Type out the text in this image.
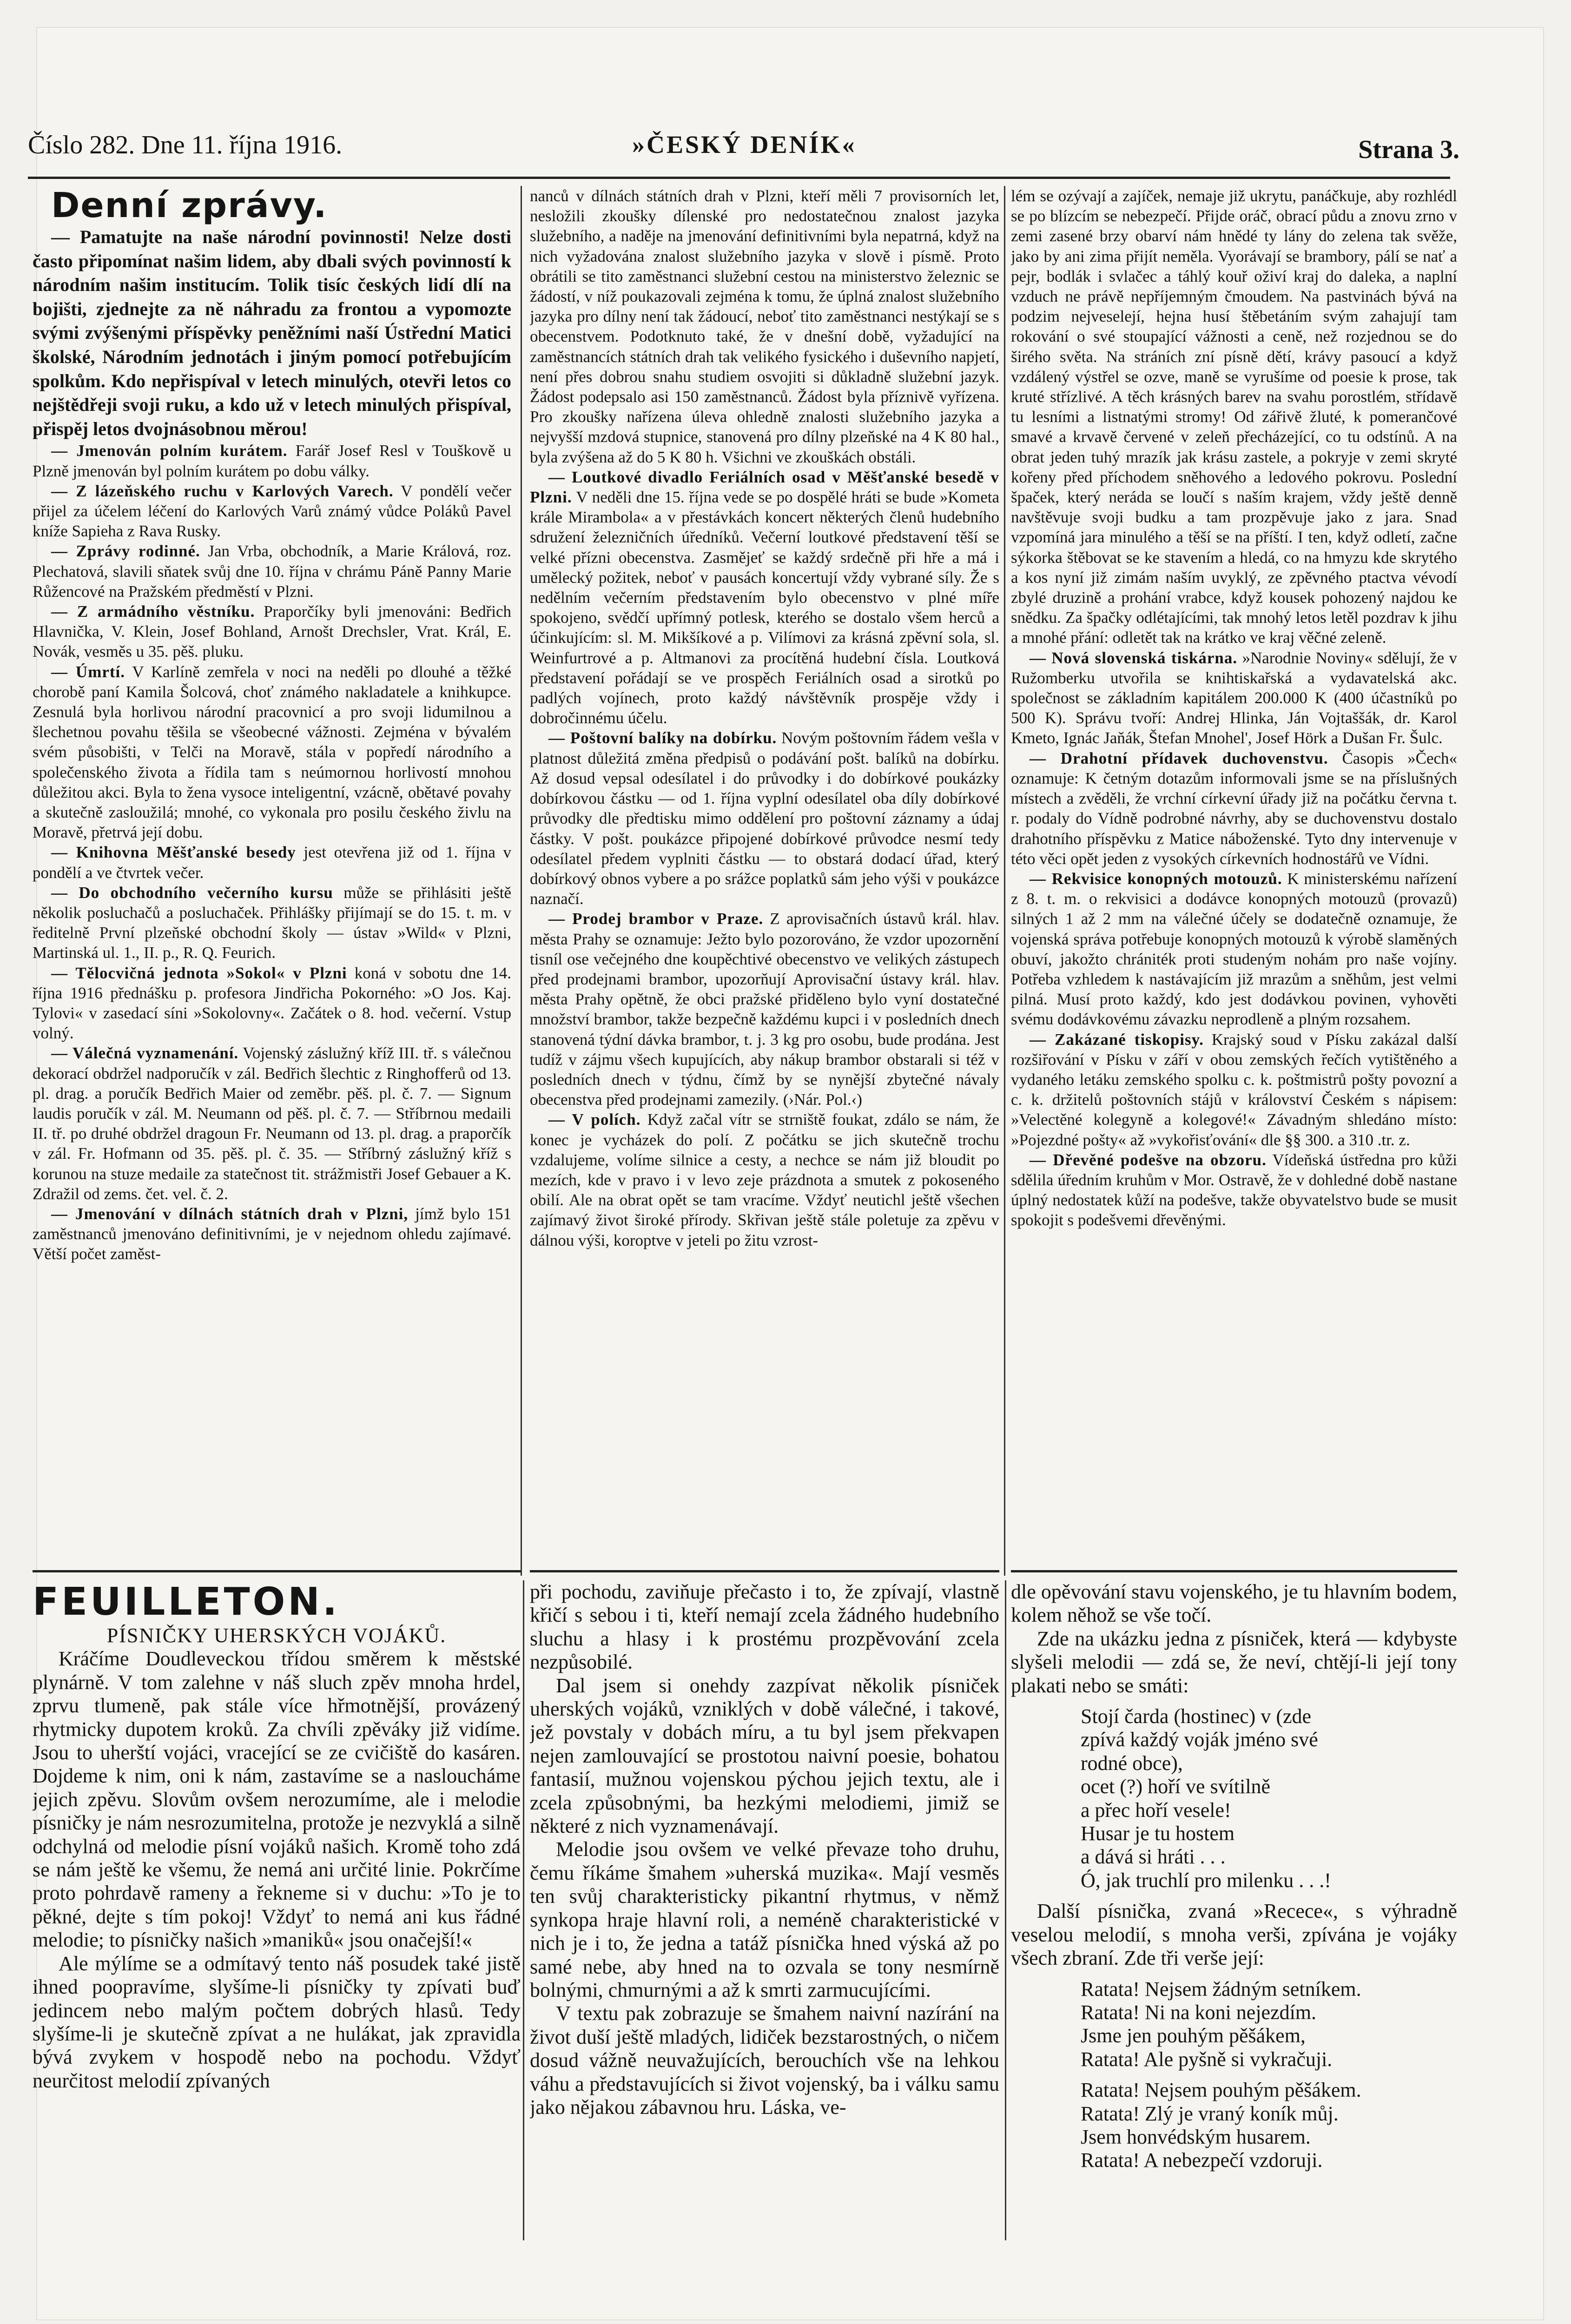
Číslo 282. Dne 11. října 1916.	»ČESKÝ DENÍK«	Strana 3.

Denní zprávy.

— Pamatujte na naše národní povinnosti! Nelze dosti často připomínat našim lidem, aby dbali svých povinností k národním našim institucím. Tolik tisíc českých lidí dlí na bojišti, zjednejte za ně náhradu za frontou a vypomozte svými zvýšenými příspěvky peněžními naší Ústřední Matici školské, Národním jednotách i jiným pomocí potřebujícím spolkům. Kdo nepřispíval v letech minulých, otevři letos co nejštědřeji svoji ruku, a kdo už v letech minulých přispíval, přispěj letos dvojnásobnou měrou!

— Jmenován polním kurátem. Farář Josef Resl v Touškově u Plzně jmenován byl polním kurátem po dobu války.

— Z lázeňského ruchu v Karlových Varech. V pondělí večer přijel za účelem léčení do Karlových Varů známý vůdce Poláků Pavel kníže Sapieha z Rava Rusky.

— Zprávy rodinné. Jan Vrba, obchodník, a Marie Králová, roz. Plechatová, slavili sňatek svůj dne 10. října v chrámu Páně Panny Marie Růžencové na Pražském předměstí v Plzni.

— Z armádního věstníku. Praporčíky byli jmenováni: Bedřich Hlavnička, V. Klein, Josef Bohland, Arnošt Drechsler, Vrat. Král, E. Novák, vesměs u 35. pěš. pluku.

— Úmrtí. V Karlíně zemřela v noci na neděli po dlouhé a těžké chorobě paní Kamila Šolcová, choť známého nakladatele a knihkupce. Zesnulá byla horlivou národní pracovnicí a pro svoji lidumilnou a šlechetnou povahu těšila se všeobecné vážnosti. Zejména v bývalém svém působišti, v Telči na Moravě, stála v popředí národního a společenského života a řídila tam s neúmornou horlivostí mnohou důležitou akci. Byla to žena vysoce inteligentní, vzácně, obětavé povahy a skutečně zasloužilá; mnohé, co vykonala pro posilu českého živlu na Moravě, přetrvá její dobu.

— Knihovna Měšťanské besedy jest otevřena již od 1. října v pondělí a ve čtvrtek večer.

— Do obchodního večerního kursu může se přihlásiti ještě několik posluchačů a posluchaček. Přihlášky přijímají se do 15. t. m. v ředitelně První plzeňské obchodní školy — ústav »Wild« v Plzni, Martinská ul. 1., II. p., R. Q. Feurich.

— Tělocvičná jednota »Sokol« v Plzni koná v sobotu dne 14. října 1916 přednášku p. profesora Jindřicha Pokorného: »O Jos. Kaj. Tylovi« v zasedací síni »Sokolovny«. Začátek o 8. hod. večerní. Vstup volný.

— Válečná vyznamenání. Vojenský záslužný kříž III. tř. s válečnou dekorací obdržel nadporučík v zál. Bedřich šlechtic z Ringhofferů od 13. pl. drag. a poručík Bedřich Maier od zeměbr. pěš. pl. č. 7. — Signum laudis poručík v zál. M. Neumann od pěš. pl. č. 7. — Stříbrnou medaili II. tř. po druhé obdržel dragoun Fr. Neumann od 13. pl. drag. a praporčík v zál. Fr. Hofmann od 35. pěš. pl. č. 35. — Stříbrný záslužný kříž s korunou na stuze medaile za statečnost tit. strážmistři Josef Gebauer a K. Zdražil od zems. čet. vel. č. 2.

— Jmenování v dílnách státních drah v Plzni, jímž bylo 151 zaměstnanců jmenováno definitivními, je v nejednom ohledu zajímavé. Větší počet zaměst-

nanců v dílnách státních drah v Plzni, kteří měli 7 provisorních let, nesložili zkoušky dílenské pro nedostatečnou znalost jazyka služebního, a naděje na jmenování definitivními byla nepatrná, když na nich vyžadována znalost služebního jazyka v slově i písmě. Proto obrátili se tito zaměstnanci služební cestou na ministerstvo železnic se žádostí, v níž poukazovali zejména k tomu, že úplná znalost služebního jazyka pro dílny není tak žádoucí, neboť tito zaměstnanci nestýkají se s obecenstvem. Podotknuto také, že v dnešní době, vyžadující na zaměstnancích státních drah tak velikého fysického i duševního napjetí, není přes dobrou snahu studiem osvojiti si důkladně služební jazyk. Žádost podepsalo asi 150 zaměstnanců. Žádost byla příznivě vyřízena. Pro zkoušky nařízena úleva ohledně znalosti služebního jazyka a nejvyšší mzdová stupnice, stanovená pro dílny plzeňské na 4 K 80 hal., byla zvýšena až do 5 K 80 h. Všichni ve zkouškách obstáli.

— Loutkové divadlo Feriálních osad v Měšťanské besedě v Plzni. V neděli dne 15. října vede se po dospělé hráti se bude »Kometa krále Mirambola« a v přestávkách koncert některých členů hudebního sdružení železničních úředníků. Večerní loutkové představení těší se velké přízni obecenstva. Zasmějeť se každý srdečně při hře a má i umělecký požitek, neboť v pausách koncertují vždy vybrané síly. Že s nedělním večerním představením bylo obecenstvo v plné míře spokojeno, svědčí upřímný potlesk, kterého se dostalo všem herců a účinkujícím: sl. M. Mikšíkové a p. Vilímovi za krásná zpěvní sola, sl. Weinfurtrové a p. Altmanovi za procítěná hudební čísla. Loutková představení pořádají se ve prospěch Feriálních osad a sirotků po padlých vojínech, proto každý návštěvník prospěje vždy i dobročinnému účelu.

— Poštovní balíky na dobírku. Novým poštovním řádem vešla v platnost důležitá změna předpisů o podávání pošt. balíků na dobírku. Až dosud vepsal odesílatel i do průvodky i do dobírkové poukázky dobírkovou částku — od 1. října vyplní odesílatel oba díly dobírkové průvodky dle předtisku mimo oddělení pro poštovní záznamy a údaj částky. V pošt. poukázce připojené dobírkové průvodce nesmí tedy odesílatel předem vyplniti částku — to obstará dodací úřad, který dobírkový obnos vybere a po srážce poplatků sám jeho výši v poukázce naznačí.

— Prodej brambor v Praze. Z aprovisačních ústavů král. hlav. města Prahy se oznamuje: Ježto bylo pozorováno, že vzdor upozornění tisníl ose večejného dne koupěchtivé obecenstvo ve velikých zástupech před prodejnami brambor, upozorňují Aprovisační ústavy král. hlav. města Prahy opětně, že obci pražské přiděleno bylo vyní dostatečné množství brambor, takže bezpečně každému kupci i v posledních dnech stanovená týdní dávka brambor, t. j. 3 kg pro osobu, bude prodána. Jest tudíž v zájmu všech kupujících, aby nákup brambor obstarali si též v posledních dnech v týdnu, čímž by se nynější zbytečné návaly obecenstva před prodejnami zamezily. (›Nár. Pol.‹)

— V polích. Když začal vítr se strniště foukat, zdálo se nám, že konec je vycházek do polí. Z počátku se jich skutečně trochu vzdalujeme, volíme silnice a cesty, a nechce se nám již bloudit po mezích, kde v pravo i v levo zeje prázdnota a smutek z pokoseného obilí. Ale na obrat opět se tam vracíme. Vždyť neutichl ještě všechen zajímavý život široké přírody. Skřivan ještě stále poletuje za zpěvu v dálnou výši, koroptve v jeteli po žitu vzrost-

lém se ozývají a zajíček, nemaje již ukrytu, panáčkuje, aby rozhlédl se po blízcím se nebezpečí. Přijde oráč, obrací půdu a znovu zrno v zemi zasené brzy obarví nám hnědé ty lány do zelena tak svěže, jako by ani zima přijít neměla. Vyorávají se brambory, pálí se nať a pejr, bodlák i svlačec a táhlý kouř oživí kraj do daleka, a naplní vzduch ne právě nepříjemným čmoudem. Na pastvinách bývá na podzim nejveselejí, hejna husí štěbetáním svým zahajují tam rokování o své stoupající vážnosti a ceně, než rozjednou se do širého světa. Na stráních zní písně dětí, krávy pasoucí a když vzdálený výstřel se ozve, maně se vyrušíme od poesie k prose, tak kruté střízlivé. A těch krásných barev na svahu porostlém, střídavě tu lesními a listnatými stromy! Od zářivě žluté, k pomerančové smavé a krvavě červené v zeleň přecházející, co tu odstínů. A na obrat jeden tuhý mrazík jak krásu zastele, a pokryje v zemi skryté kořeny před příchodem sněhového a ledového pokrovu. Poslední špaček, který neráda se loučí s naším krajem, vždy ještě denně navštěvuje svoji budku a tam prozpěvuje jako z jara. Snad vzpomíná jara minulého a těší se na příští. I ten, když odletí, začne sýkorka štěbovat se ke stavením a hledá, co na hmyzu kde skrytého a kos nyní již zimám naším uvyklý, ze zpěvného ptactva vévodí zbylé druzině a prohání vrabce, když kousek pohozený najdou ke snědku. Za špačky odlétajícími, tak mnohý letos letěl pozdrav k jihu a mnohé přání: odletět tak na krátko ve kraj věčné zeleně.

— Nová slovenská tiskárna. »Narodnie Noviny« sdělují, že v Ružomberku utvořila se knihtiskařská a vydavatelská akc. společnost se základním kapitálem 200.000 K (400 účastníků po 500 K). Správu tvoří: Andrej Hlinka, Ján Vojtaššák, dr. Karol Kmeto, Ignác Jaňák, Štefan Mnohel', Josef Hörk a Dušan Fr. Šulc.

— Drahotní přídavek duchovenstvu. Časopis »Čech« oznamuje: K četným dotazům informovali jsme se na příslušných místech a zvěděli, že vrchní církevní úřady již na počátku června t. r. podaly do Vídně podrobné návrhy, aby se duchovenstvu dostalo drahotního příspěvku z Matice náboženské. Tyto dny intervenuje v této věci opět jeden z vysokých církevních hodnostářů ve Vídni.

— Rekvisice konopných motouzů. K ministerskému nařízení z 8. t. m. o rekvisici a dodávce konopných motouzů (provazů) silných 1 až 2 mm na válečné účely se dodatečně oznamuje, že vojenská správa potřebuje konopných motouzů k výrobě slaměných obuví, jakožto chrániték proti studeným nohám pro naše vojíny. Potřeba vzhledem k nastávajícím již mrazům a sněhům, jest velmi pilná. Musí proto každý, kdo jest dodávkou povinen, vyhověti svému dodávkovému závazku neprodleně a plným rozsahem.

— Zakázané tiskopisy. Krajský soud v Písku zakázal další rozšiřování v Písku v září v obou zemských řečích vytištěného a vydaného letáku zemského spolku c. k. poštmistrů pošty povozní a c. k. držitelů poštovních stájů v království Českém s nápisem: »Velectěné kolegyně a kolegové!« Závadným shledáno místo: »Pojezdné pošty« až »vykořisťování« dle §§ 300. a 310 .tr. z.

— Dřevěné podešve na obzoru. Vídeňská ústředna pro kůži sdělila úředním kruhům v Mor. Ostravě, že v dohledné době nastane úplný nedostatek kůží na podešve, takže obyvatelstvo bude se musit spokojit s podešvemi dřevěnými.

FEUILLETON.

PÍSNIČKY UHERSKÝCH VOJÁKŮ.

Kráčíme Doudleveckou třídou směrem k městské plynárně. V tom zalehne v náš sluch zpěv mnoha hrdel, zprvu tlumeně, pak stále více hřmotnější, provázený rhytmicky dupotem kroků. Za chvíli zpěváky již vidíme. Jsou to uherští vojáci, vracející se ze cvičiště do kasáren. Dojdeme k nim, oni k nám, zastavíme se a nasloucháme jejich zpěvu. Slovům ovšem nerozumíme, ale i melodie písničky je nám nesrozumitelna, protože je nezvyklá a silně odchylná od melodie písní vojáků našich. Kromě toho zdá se nám ještě ke všemu, že nemá ani určité linie. Pokrčíme proto pohrdavě rameny a řekneme si v duchu: »To je to pěkné, dejte s tím pokoj! Vždyť to nemá ani kus řádné melodie; to písničky našich »maniků« jsou onačejší!«

Ale mýlíme se a odmítavý tento náš posudek také jistě ihned poopravíme, slyšíme-li písničky ty zpívati buď jedincem nebo malým počtem dobrých hlasů. Tedy slyšíme-li je skutečně zpívat a ne hulákat, jak zpravidla bývá zvykem v hospodě nebo na pochodu. Vždyť neurčitost melodií zpívaných

při pochodu, zaviňuje přečasto i to, že zpívají, vlastně křičí s sebou i ti, kteří nemají zcela žádného hudebního sluchu a hlasy i k prostému prozpěvování zcela nezpůsobilé.

Dal jsem si onehdy zazpívat několik písniček uherských vojáků, vzniklých v době válečné, i takové, jež povstaly v dobách míru, a tu byl jsem překvapen nejen zamlouvající se prostotou naivní poesie, bohatou fantasií, mužnou vojenskou pýchou jejich textu, ale i zcela způsobnými, ba hezkými melodiemi, jimiž se některé z nich vyznamenávají.

Melodie jsou ovšem ve velké převaze toho druhu, čemu říkáme šmahem »uherská muzika«. Mají vesměs ten svůj charakteristicky pikantní rhytmus, v němž synkopa hraje hlavní roli, a neméně charakteristické v nich je i to, že jedna a tatáž písnička hned výská až po samé nebe, aby hned na to ozvala se tony nesmírně bolnými, chmurnými a až k smrti zarmucujícími.

V textu pak zobrazuje se šmahem naivní nazírání na život duší ještě mladých, lidiček bezstarostných, o ničem dosud vážně neuvažujících, berouchích vše na lehkou váhu a představujících si život vojenský, ba i válku samu jako nějakou zábavnou hru. Láska, ve-

dle opěvování stavu vojenského, je tu hlavním bodem, kolem něhož se vše točí.

Zde na ukázku jedna z písniček, která — kdybyste slyšeli melodii — zdá se, že neví, chtějí-li její tony plakati nebo se smáti:

Stojí čarda (hostinec) v (zde
zpívá každý voják jméno své
rodné obce),
ocet (?) hoří ve svítilně
a přec hoří vesele!
Husar je tu hostem
a dává si hráti . . .
Ó, jak truchlí pro milenku . . .!

Další písnička, zvaná »Recece«, s výhradně veselou melodií, s mnoha verši, zpívána je vojáky všech zbraní. Zde tři verše její:

Ratata! Nejsem žádným setníkem.
Ratata! Ni na koni nejezdím.
Jsme jen pouhým pěšákem,
Ratata! Ale pyšně si vykračuji.
Ratata! Nejsem pouhým pěšákem.
Ratata! Zlý je vraný koník můj.
Jsem honvédským husarem.
Ratata! A nebezpečí vzdoruji.
